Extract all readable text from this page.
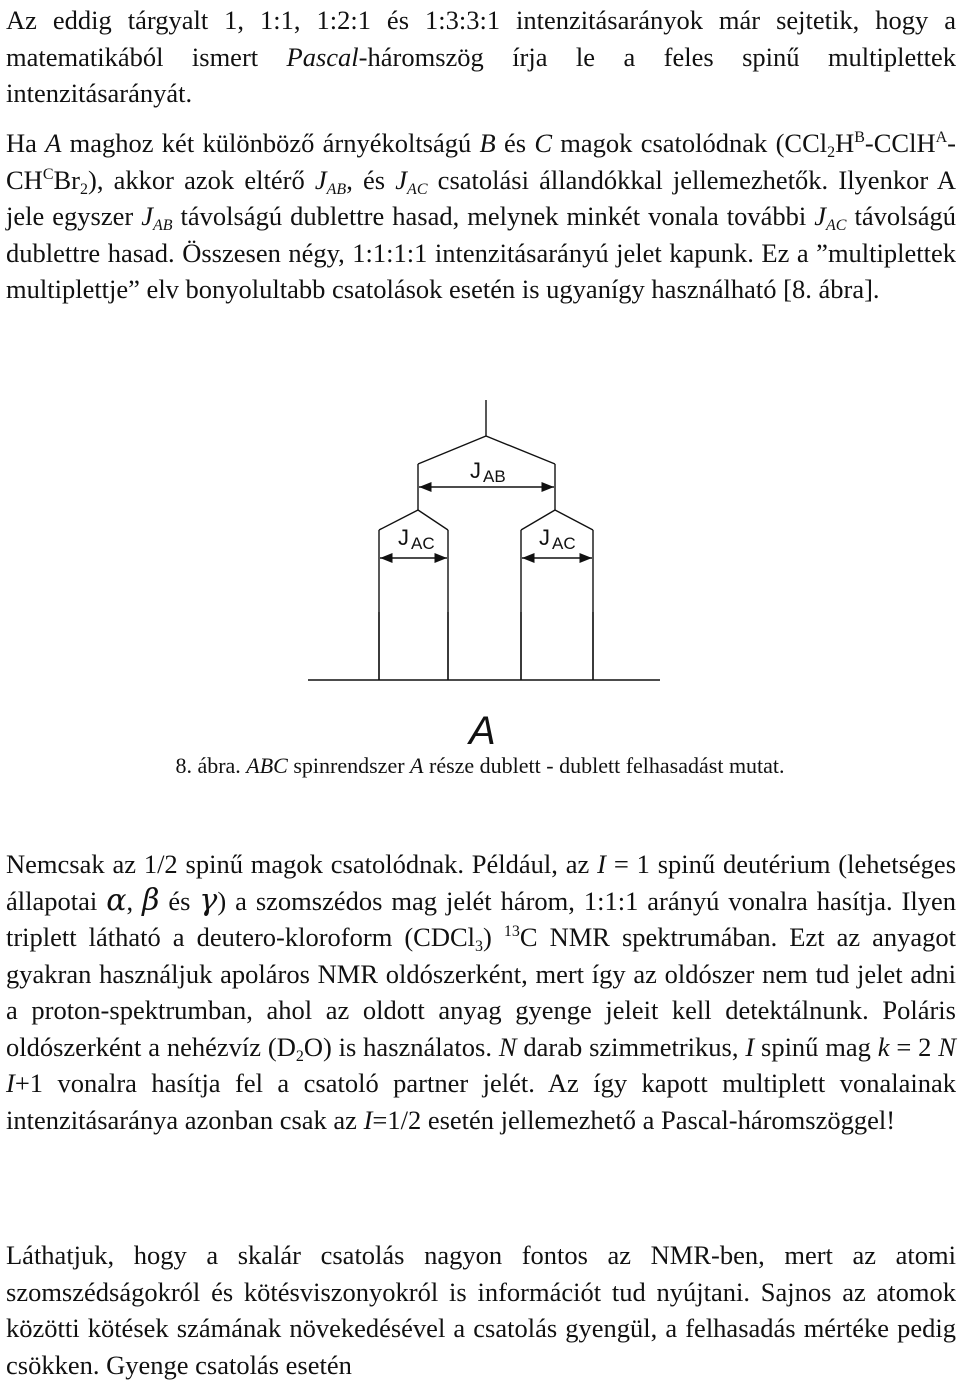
Az eddig tárgyalt 1, 1:1, 1:2:1 és 1:3:3:1 intenzitásarányok már sejtetik, hogy a matematikából ismert Pascal-háromszög írja le a feles spinű multiplettek intenzitásarányát.

Ha A maghoz két különböző árnyékoltságú B és C magok csatolódnak $(CCl_2H^B-CClH^A-CH^CBr_2)$, akkor azok eltérő $J_{AB}$, és $J_{AC}$ csatolási állandókkal jellemezhetők. Ilyenkor A jele egyszer $J_{AB}$ távolságú dublettre hasad, melynek minkét vonala további $J_{AC}$ távolságú dublettre hasad. Összesen négy, 1:1:1:1 intenzitásarányú jelet kapunk. Ez a ”multiplettek multiplettje” elv bonyolultabb csatolások esetén is ugyanígy használható [8. ábra].

J AB
J AC	J AC
A
8. ábra. ABC spinrendszer A része dublett - dublett felhasadást mutat.

Nemcsak az 1/2 spinű magok csatolódnak. Például, az I = 1 spinű deutérium (lehetséges állapotai α, β és γ) a szomszédos mag jelét három, 1:1:1 arányú vonalra hasítja. Ilyen triplett látható a deutero-kloroform (CDCl$_3$) $^{13}$C NMR spektrumában. Ezt az anyagot gyakran használjuk apoláros NMR oldószerként, mert így az oldószer nem tud jelet adni a proton-spektrumban, ahol az oldott anyag gyenge jeleit kell detektálnunk. Poláris oldószerként a nehézvíz $(D_2O)$ is használatos. N darab szimmetrikus, I spinű mag k = 2 N I+1 vonalra hasítja fel a csatoló partner jelét. Az így kapott multiplett vonalainak intenzitásaránya azonban csak az I=1/2 esetén jellemezhető a Pascal-háromszöggel!

Láthatjuk, hogy a skalár csatolás nagyon fontos az NMR-ben, mert az atomi szomszédságokról és kötésviszonyokról is információt tud nyújtani. Sajnos az atomok közötti kötések számának növekedésével a csatolás gyengül, a felhasadás mértéke pedig csökken. Gyenge csatolás esetén
